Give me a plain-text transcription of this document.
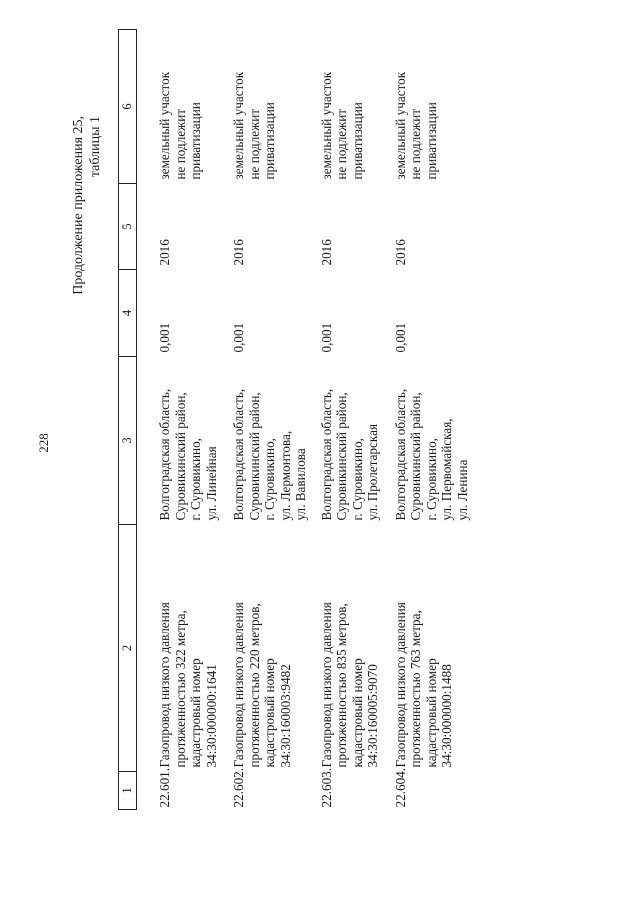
228
Продолжение приложения 25, таблицы 1
1	2	3	4	5	6
22.601.	Газопровод низкого давления
протяженностью 322 метра,
кадастровый номер
34:30:000000:1641	Волгоградская область,
Суровикинский район,
г. Суровикино,
ул. Линейная	0,001	2016	земельный участок
не подлежит
приватизации
22.602.	Газопровод низкого давления
протяженностью 220 метров,
кадастровый номер
34:30:160003:9482	Волгоградская область,
Суровикинский район,
г. Суровикино,
ул. Лермонтова,
ул. Вавилова	0,001	2016	земельный участок
не подлежит
приватизации
22.603.	Газопровод низкого давления
протяженностью 835 метров,
кадастровый номер
34:30:160005:9070	Волгоградская область,
Суровикинский район,
г. Суровикино,
ул. Пролетарская	0,001	2016	земельный участок
не подлежит
приватизации
22.604.	Газопровод низкого давления
протяженностью 763 метра,
кадастровый номер
34:30:000000:1488	Волгоградская область,
Суровикинский район,
г. Суровикино,
ул. Первомайская,
ул. Ленина	0,001	2016	земельный участок
не подлежит
приватизации
